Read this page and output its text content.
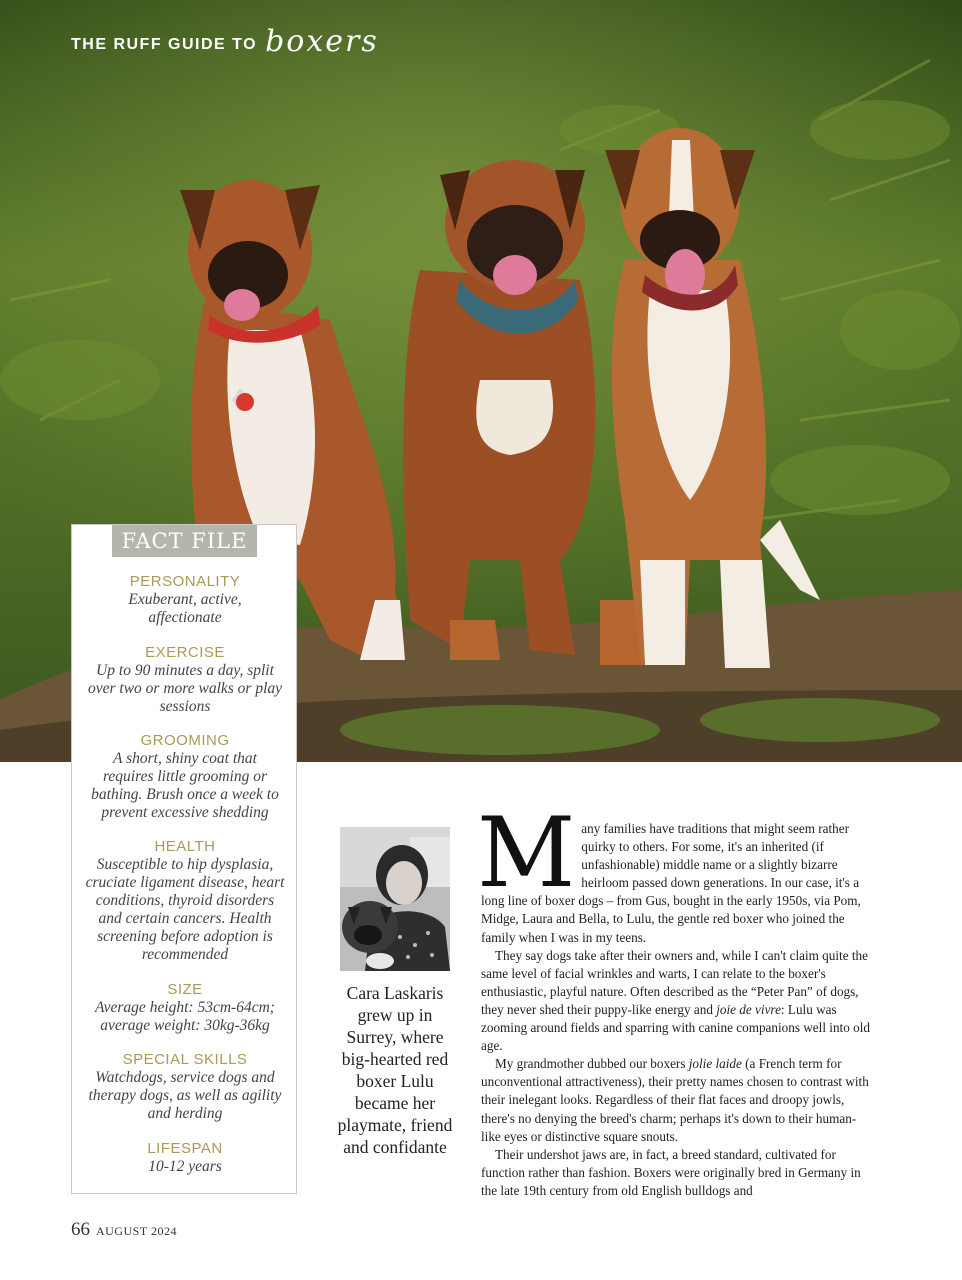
THE RUFF GUIDE TO boxers
FACT FILE
PERSONALITY
Exuberant, active, affectionate
EXERCISE
Up to 90 minutes a day, split over two or more walks or play sessions
GROOMING
A short, shiny coat that requires little grooming or bathing. Brush once a week to prevent excessive shedding
HEALTH
Susceptible to hip dysplasia, cruciate ligament disease, heart conditions, thyroid disorders and certain cancers. Health screening before adoption is recommended
SIZE
Average height: 53cm-64cm; average weight: 30kg-36kg
SPECIAL SKILLS
Watchdogs, service dogs and therapy dogs, as well as agility and herding
LIFESPAN
10-12 years
Cara Laskaris grew up in Surrey, where big-hearted red boxer Lulu became her playmate, friend and confidante

Many families have traditions that might seem rather quirky to others. For some, it's an inherited (if unfashionable) middle name or a slightly bizarre heirloom passed down generations. In our case, it's a long line of boxer dogs – from Gus, bought in the early 1950s, via Pom, Midge, Laura and Bella, to Lulu, the gentle red boxer who joined the family when I was in my teens.

They say dogs take after their owners and, while I can't claim quite the same level of facial wrinkles and warts, I can relate to the boxer's enthusiastic, playful nature. Often described as the “Peter Pan” of dogs, they never shed their puppy-like energy and joie de vivre: Lulu was zooming around fields and sparring with canine companions well into old age.

My grandmother dubbed our boxers jolie laide (a French term for unconventional attractiveness), their pretty names chosen to contrast with their inelegant looks. Regardless of their flat faces and droopy jowls, there's no denying the breed's charm; perhaps it's down to their human-like eyes or distinctive square snouts.

Their undershot jaws are, in fact, a breed standard, cultivated for function rather than fashion. Boxers were originally bred in Germany in the late 19th century from old English bulldogs and

66 AUGUST 2024
